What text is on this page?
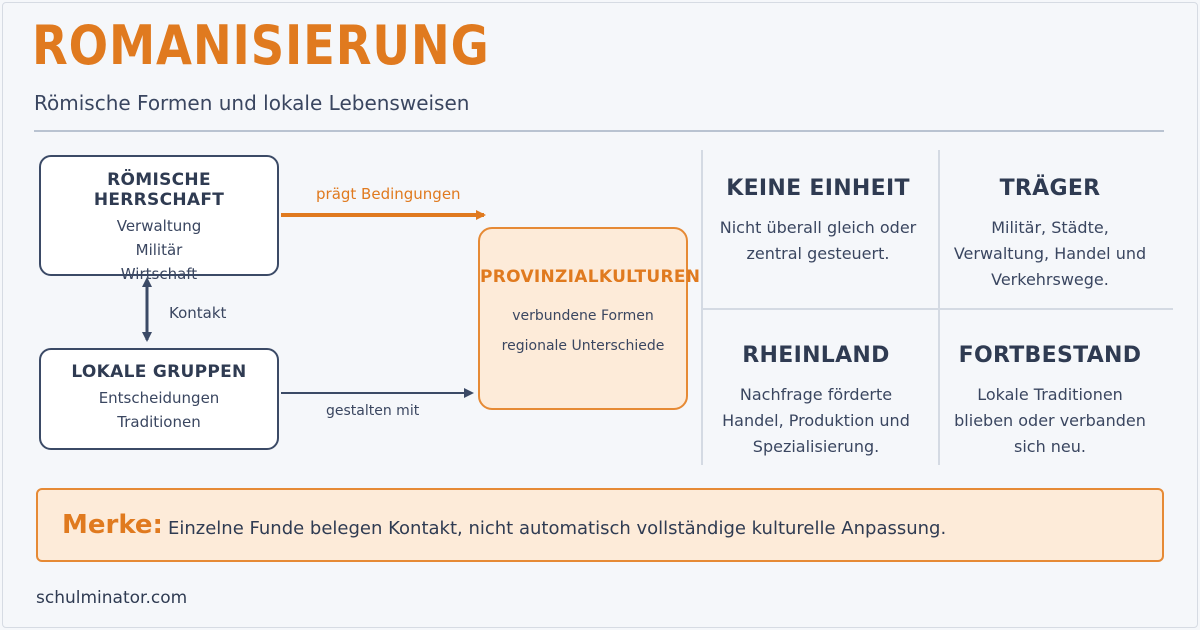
ROMANISIERUNG
Römische Formen und lokale Lebensweisen
prägt Bedingungen
Kontakt
gestalten mit
RÖMISCHE HERRSCHAFT
Verwaltung
Militär
Wirtschaft
LOKALE GRUPPEN
Entscheidungen
Traditionen
PROVINZIALKULTUREN
verbundene Formen
regionale Unterschiede
KEINE EINHEIT
Nicht überall gleich oder
zentral gesteuert.
TRÄGER
Militär, Städte,
Verwaltung, Handel und
Verkehrswege.
RHEINLAND
Nachfrage förderte
Handel, Produktion und
Spezialisierung.
FORTBESTAND
Lokale Traditionen
blieben oder verbanden
sich neu.
Merke: Einzelne Funde belegen Kontakt, nicht automatisch vollständige kulturelle Anpassung.
schulminator.com
